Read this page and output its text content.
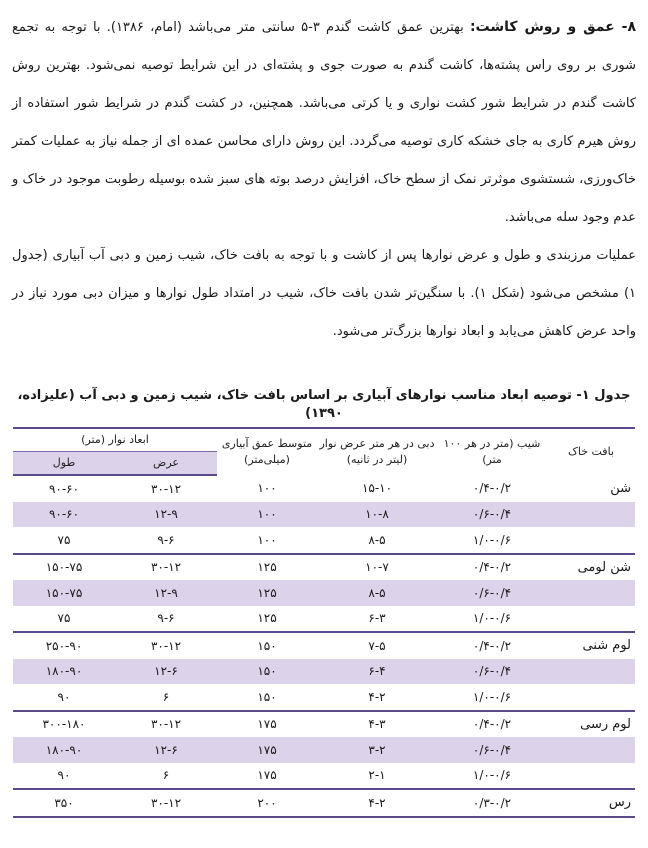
۸- عمق و روش کاشت: بهترین عمق کاشت گندم ۳-۵ سانتی متر می‌باشد (امام، ۱۳۸۶). با توجه به تجمع شوری بر روی راس پشته‌ها، کاشت گندم به صورت جوی و پشته‌ای در این شرایط توصیه نمی‌شود. بهترین روش کاشت گندم در شرایط شور کشت نواری و یا کرتی می‌باشد. همچنین، در کشت گندم در شرایط شور استفاده از روش هیرم کاری به جای خشکه کاری توصیه می‌گردد. این روش دارای محاسن عمده ای از جمله نیاز به عملیات کمتر خاک‌ورزی، شستشوی موثرتر نمک از سطح خاک، افزایش درصد بوته های سبز شده بوسیله رطوبت موجود در خاک و عدم وجود سله می‌باشد.

عملیات مرزبندی و طول و عرض نوارها پس از کاشت و با توجه به بافت خاک، شیب زمین و دبی آب آبیاری (جدول ۱) مشخص می‌شود (شکل ۱). با سنگین‌تر شدن بافت خاک، شیب در امتداد طول نوارها و میزان دبی مورد نیاز در واحد عرض کاهش می‌یابد و ابعاد نوارها بزرگ‌تر می‌شود.

جدول ۱- توصیه ابعاد مناسب نوارهای آبیاری بر اساس بافت خاک، شیب زمین و دبی آب (علیزاده، ۱۳۹۰)
بافت خاک	شیب (متر در هر ۱۰۰ متر)	دبی در هر متر عرض نوار (لیتر در ثانیه)	متوسط عمق آبیاری (میلی‌متر)	ابعاد نوار (متر)	
				عرض	طول
شن	۰/۴-۰/۲	۱۵-۱۰	۱۰۰	۳۰-۱۲	۹۰-۶۰
	۰/۶-۰/۴	۱۰-۸	۱۰۰	۱۲-۹	۹۰-۶۰
	۱/۰-۰/۶	۸-۵	۱۰۰	۹-۶	۷۵
شن لومی	۰/۴-۰/۲	۱۰-۷	۱۲۵	۳۰-۱۲	۱۵۰-۷۵
	۰/۶-۰/۴	۸-۵	۱۲۵	۱۲-۹	۱۵۰-۷۵
	۱/۰-۰/۶	۶-۳	۱۲۵	۹-۶	۷۵
لوم شنی	۰/۴-۰/۲	۷-۵	۱۵۰	۳۰-۱۲	۲۵۰-۹۰
	۰/۶-۰/۴	۶-۴	۱۵۰	۱۲-۶	۱۸۰-۹۰
	۱/۰-۰/۶	۴-۲	۱۵۰	۶	۹۰
لوم رسی	۰/۴-۰/۲	۴-۳	۱۷۵	۳۰-۱۲	۳۰۰-۱۸۰
	۰/۶-۰/۴	۳-۲	۱۷۵	۱۲-۶	۱۸۰-۹۰
	۱/۰-۰/۶	۲-۱	۱۷۵	۶	۹۰
رس	۰/۳-۰/۲	۴-۲	۲۰۰	۳۰-۱۲	۳۵۰
